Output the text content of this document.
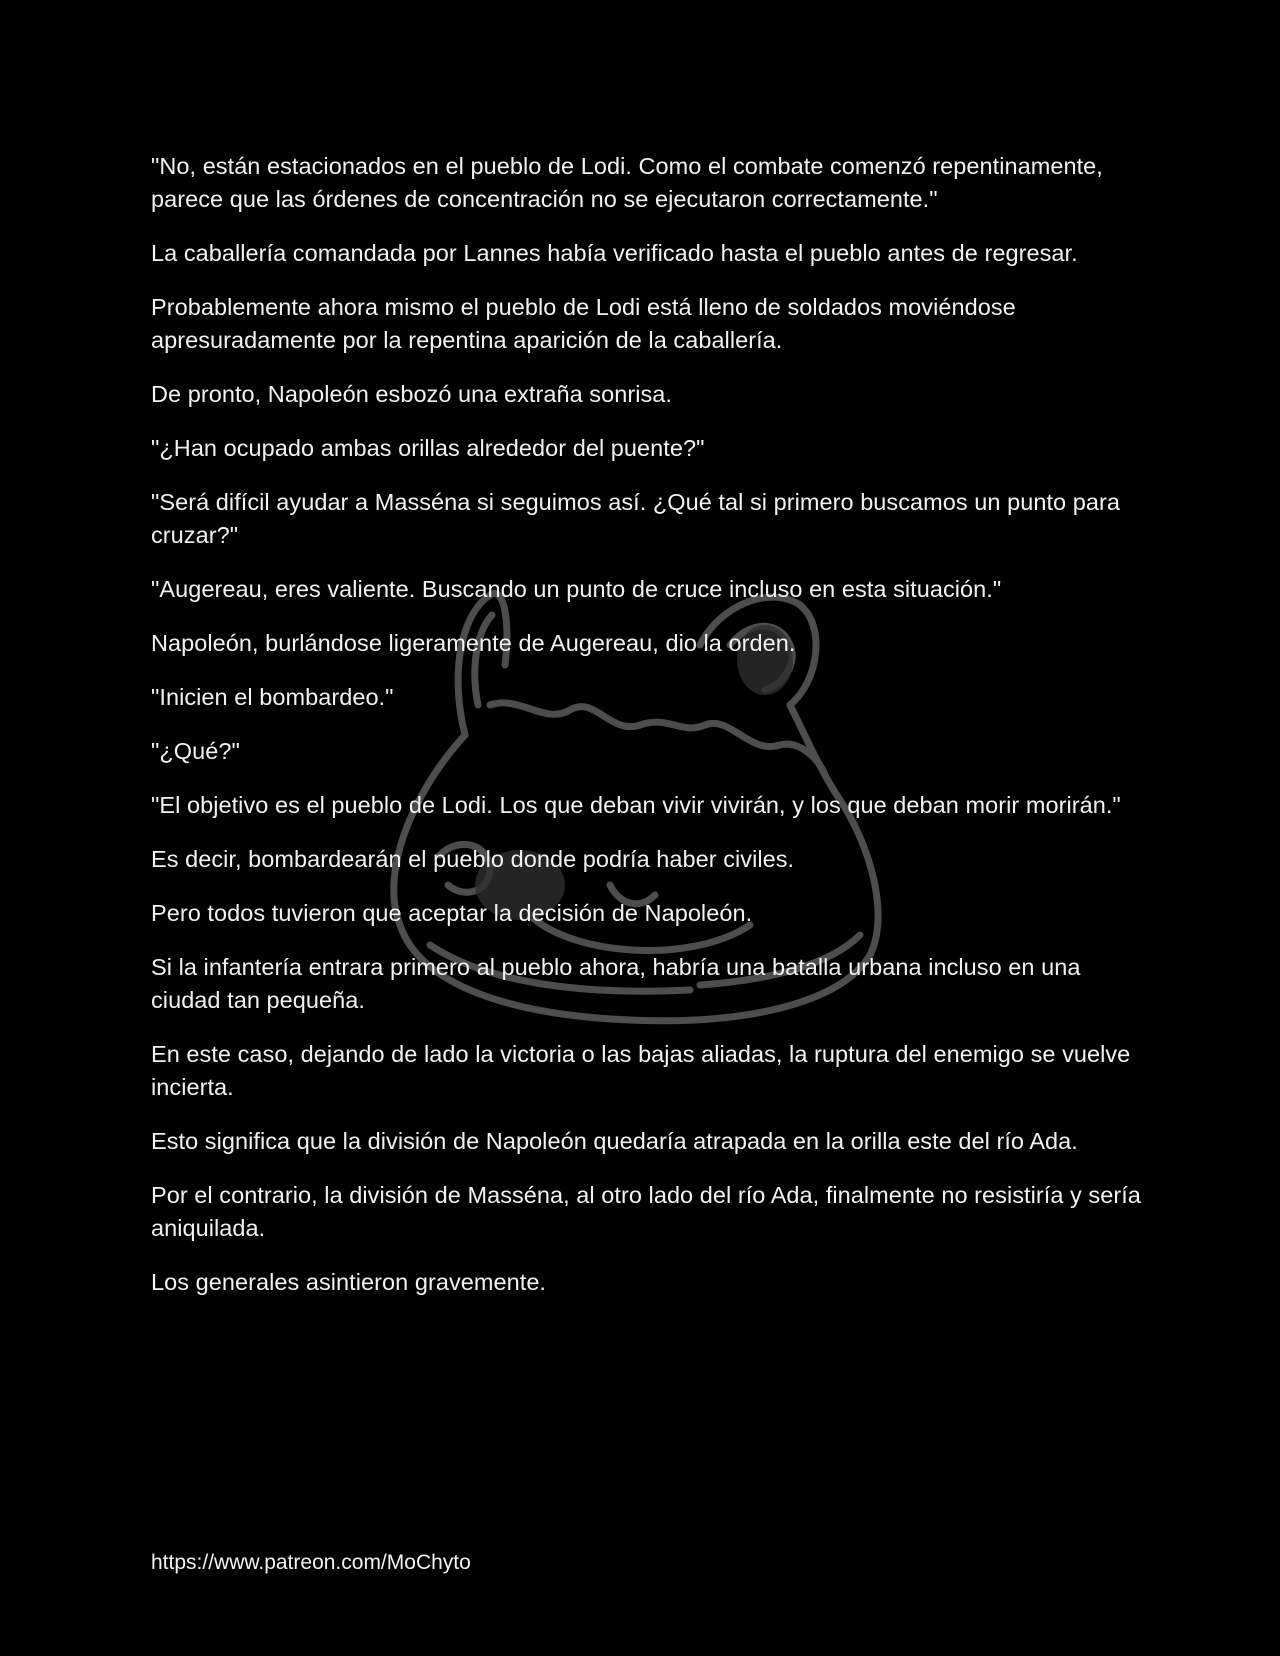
"No, están estacionados en el pueblo de Lodi. Como el combate comenzó repentinamente, parece que las órdenes de concentración no se ejecutaron correctamente."

La caballería comandada por Lannes había verificado hasta el pueblo antes de regresar.

Probablemente ahora mismo el pueblo de Lodi está lleno de soldados moviéndose apresuradamente por la repentina aparición de la caballería.

De pronto, Napoleón esbozó una extraña sonrisa.

"¿Han ocupado ambas orillas alrededor del puente?"

"Será difícil ayudar a Masséna si seguimos así. ¿Qué tal si primero buscamos un punto para cruzar?"

"Augereau, eres valiente. Buscando un punto de cruce incluso en esta situación."

Napoleón, burlándose ligeramente de Augereau, dio la orden.

"Inicien el bombardeo."

"¿Qué?"

"El objetivo es el pueblo de Lodi. Los que deban vivir vivirán, y los que deban morir morirán."

Es decir, bombardearán el pueblo donde podría haber civiles.

Pero todos tuvieron que aceptar la decisión de Napoleón.

Si la infantería entrara primero al pueblo ahora, habría una batalla urbana incluso en una ciudad tan pequeña.

En este caso, dejando de lado la victoria o las bajas aliadas, la ruptura del enemigo se vuelve incierta.

Esto significa que la división de Napoleón quedaría atrapada en la orilla este del río Ada.

Por el contrario, la división de Masséna, al otro lado del río Ada, finalmente no resistiría y sería aniquilada.

Los generales asintieron gravemente.

https://www.patreon.com/MoChyto
